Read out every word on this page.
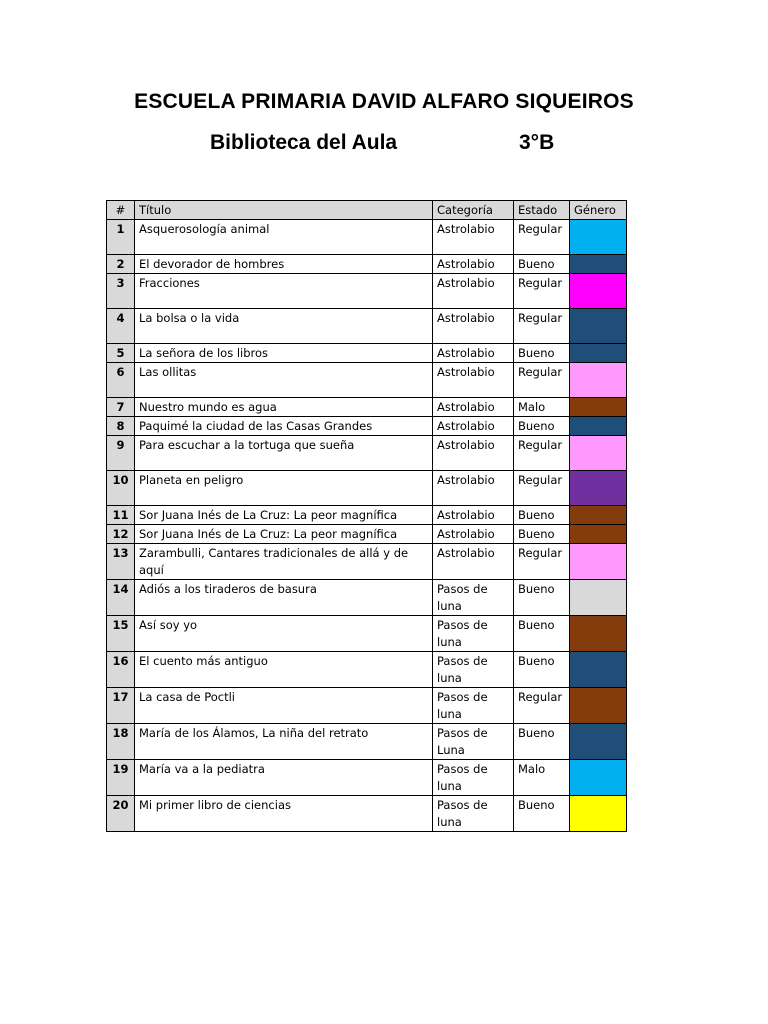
ESCUELA PRIMARIA DAVID ALFARO SIQUEIROS
Biblioteca del Aula	3°B
#	Título	Categoría	Estado	Género
1	Asquerosología animal	Astrolabio	Regular	
2	El devorador de hombres	Astrolabio	Bueno	
3	Fracciones	Astrolabio	Regular	
4	La bolsa o la vida	Astrolabio	Regular	
5	La señora de los libros	Astrolabio	Bueno	
6	Las ollitas	Astrolabio	Regular	
7	Nuestro mundo es agua	Astrolabio	Malo	
8	Paquimé la ciudad de las Casas Grandes	Astrolabio	Bueno	
9	Para escuchar a la tortuga que sueña	Astrolabio	Regular	
10	Planeta en peligro	Astrolabio	Regular	
11	Sor Juana Inés de La Cruz: La peor magnífica	Astrolabio	Bueno	
12	Sor Juana Inés de La Cruz: La peor magnífica	Astrolabio	Bueno	
13	Zarambulli, Cantares tradicionales de allá y de aquí	Astrolabio	Regular	
14	Adiós a los tiraderos de basura	Pasos de luna	Bueno	
15	Así soy yo	Pasos de luna	Bueno	
16	El cuento más antiguo	Pasos de luna	Bueno	
17	La casa de Poctli	Pasos de luna	Regular	
18	María de los Álamos, La niña del retrato	Pasos de Luna	Bueno	
19	María va a la pediatra	Pasos de luna	Malo	
20	Mi primer libro de ciencias	Pasos de luna	Bueno	
